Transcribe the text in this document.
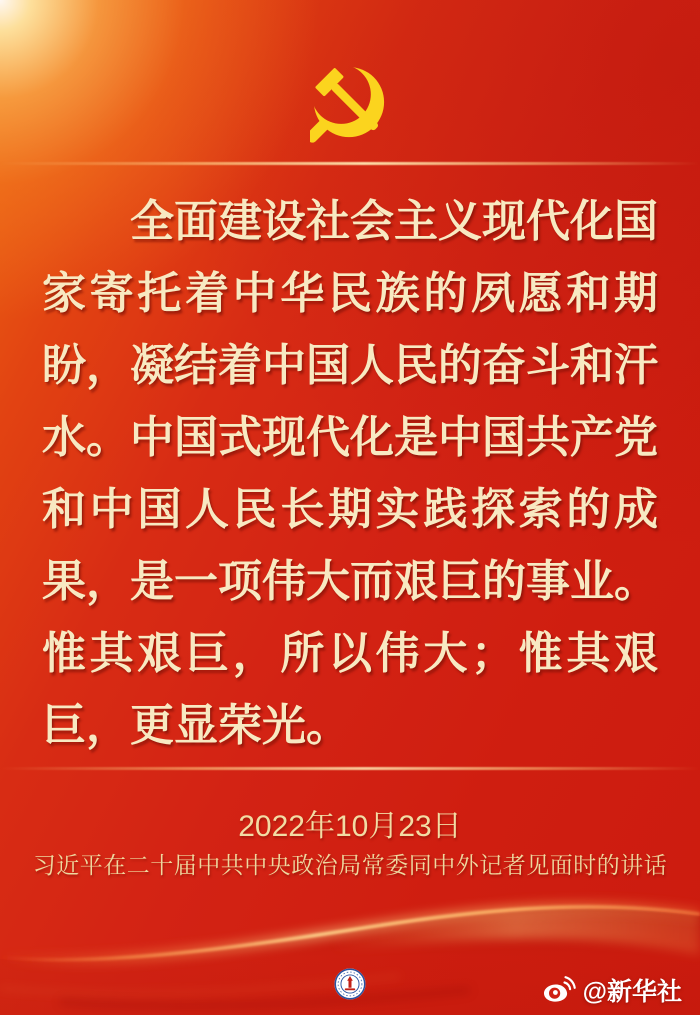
全面建设社会主义现代化国
家寄托着中华民族的夙愿和期
盼，凝结着中国人民的奋斗和汗
水。中国式现代化是中国共产党
和中国人民长期实践探索的成
果，是一项伟大而艰巨的事业。
惟其艰巨，所以伟大；惟其艰
巨，更显荣光。
2022年10月23日
习近平在二十届中共中央政治局常委同中外记者见面时的讲话
@新华社
